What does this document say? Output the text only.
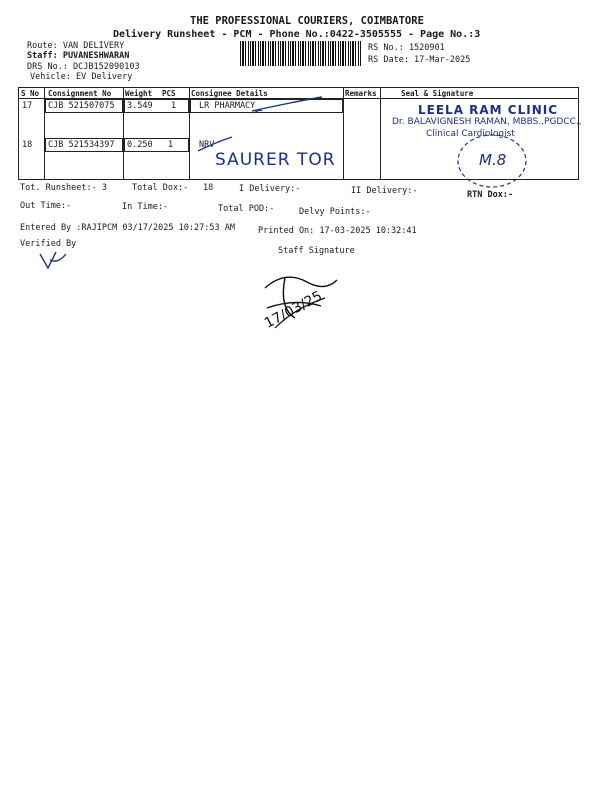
THE PROFESSIONAL COURIERS, COIMBATORE
Delivery Runsheet - PCM - Phone No.:0422-3505555 - Page No.:3
Route: VAN DELIVERY
Staff: PUVANESHWARAN
DRS No.: DCJB152090103
Vehicle: EV Delivery
RS No.: 1520901
RS Date: 17-Mar-2025
S No Consignment No Weight PCS Consignee Details	Remarks	Seal & Signature
17 CJB 521507075 3.549 1	LR PHARMACY
18 CJB 521534397 0.250 1	NRV
SAURER TOR
LEELA RAM CLINIC
Dr. BALAVIGNESH RAMAN, MBBS.,PGDCC.,
Clinical Cardiologist
M.8
Tot. Runsheet:- 3	Total Dox:- 18	I Delivery:-	II Delivery:-	RTN Dox:-
Out Time:-	In Time:-	Total POD:-	Delvy Points:-
Entered By :RAJIPCM 03/17/2025 10:27:53 AM	Printed On: 17-03-2025 10:32:41
Verified By
Staff Signature
17/03/25
